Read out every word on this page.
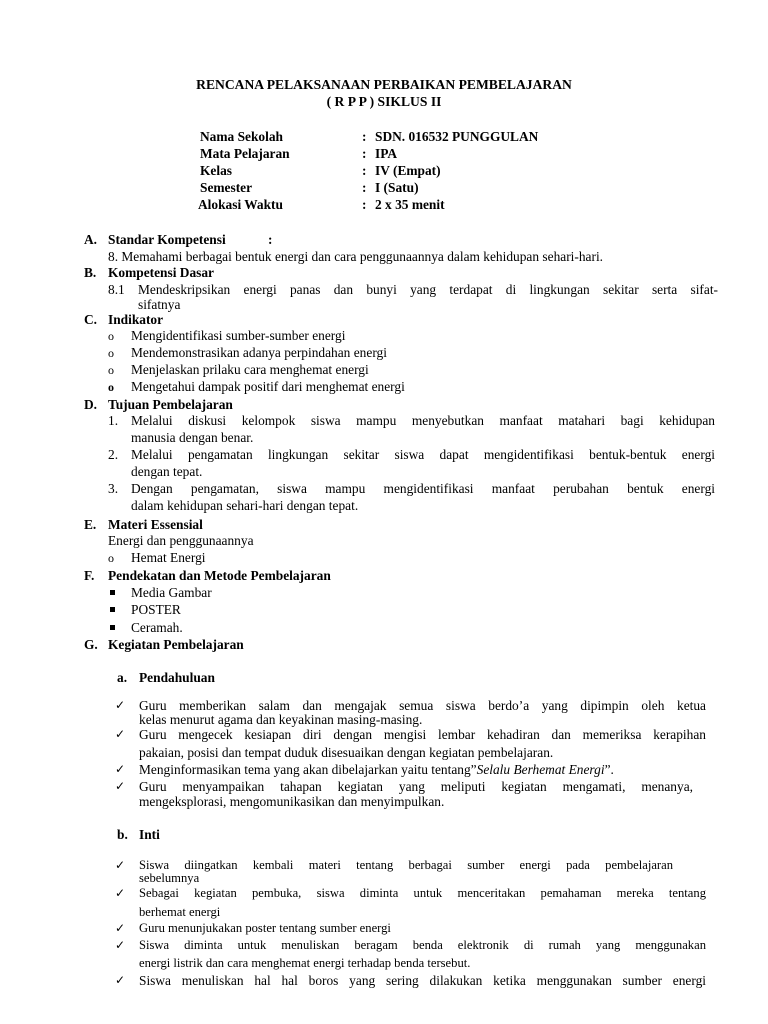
RENCANA PELAKSANAAN PERBAIKAN PEMBELAJARAN
( R P P ) SIKLUS II
Nama Sekolah	: SDN. 016532 PUNGGULAN
Mata Pelajaran	: IPA
Kelas	: IV (Empat)
Semester	: I (Satu)
Alokasi Waktu	: 2 x 35 menit
A. Standar Kompetensi	:
8. Memahami berbagai bentuk energi dan cara penggunaannya dalam kehidupan sehari-hari.
B. Kompetensi Dasar
8.1 Mendeskripsikan energi panas dan bunyi yang terdapat di lingkungan sekitar serta sifat-
sifatnya
C. Indikator
o Mengidentifikasi sumber-sumber energi
o Mendemonstrasikan adanya perpindahan energi
o Menjelaskan prilaku cara menghemat energi
o Mengetahui dampak positif dari menghemat energi
D. Tujuan Pembelajaran
1. Melalui diskusi kelompok siswa mampu menyebutkan manfaat matahari bagi kehidupan
manusia dengan benar.
2. Melalui pengamatan lingkungan sekitar siswa dapat mengidentifikasi bentuk-bentuk energi
dengan tepat.
3. Dengan pengamatan, siswa mampu mengidentifikasi manfaat perubahan bentuk energi
dalam kehidupan sehari-hari dengan tepat.
E. Materi Essensial
Energi dan penggunaannya
o Hemat Energi
F. Pendekatan dan Metode Pembelajaran
Media Gambar
POSTER
Ceramah.
G. Kegiatan Pembelajaran
a. Pendahuluan
✓ Guru memberikan salam dan mengajak semua siswa berdo’a yang dipimpin oleh ketua
kelas menurut agama dan keyakinan masing-masing.
✓ Guru mengecek kesiapan diri dengan mengisi lembar kehadiran dan memeriksa kerapihan
pakaian, posisi dan tempat duduk disesuaikan dengan kegiatan pembelajaran.
✓ Menginformasikan tema yang akan dibelajarkan yaitu tentang”Selalu Berhemat Energi”.
✓ Guru menyampaikan tahapan kegiatan yang meliputi kegiatan mengamati, menanya,
mengeksplorasi, mengomunikasikan dan menyimpulkan.
b. Inti
✓ Siswa diingatkan kembali materi tentang berbagai sumber energi pada pembelajaran
sebelumnya
✓ Sebagai kegiatan pembuka, siswa diminta untuk menceritakan pemahaman mereka tentang
berhemat energi
✓ Guru menunjukakan poster tentang sumber energi
✓ Siswa diminta untuk menuliskan beragam benda elektronik di rumah yang menggunakan
energi listrik dan cara menghemat energi terhadap benda tersebut.
✓ Siswa menuliskan hal hal boros yang sering dilakukan ketika menggunakan sumber energi
